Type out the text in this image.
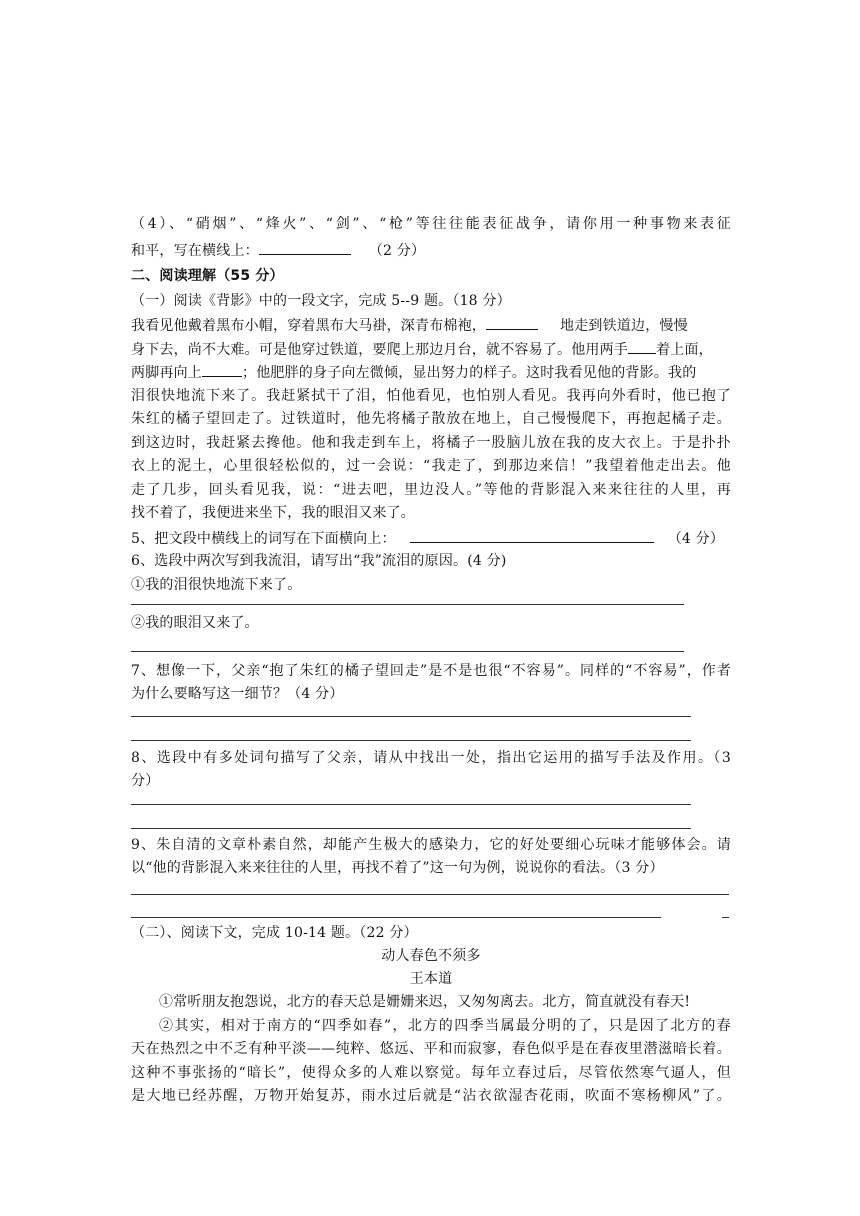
（4）、“硝烟”、“烽火”、“剑”、“枪”等往往能表征战争，请你用一种事物来表征
和平，写在横线上：	（2 分）
二、阅读理解（55 分）
（一）阅读《背影》中的一段文字，完成 5--9 题。（18 分）
我看见他戴着黑布小帽，穿着黑布大马褂，深青布棉袍，	地走到铁道边，慢慢
身下去，尚不大难。可是他穿过铁道，要爬上那边月台，就不容易了。他用两手 着上面，
两脚再向上	；他肥胖的身子向左微倾，显出努力的样子。这时我看见他的背影。我的
泪很快地流下来了。我赶紧拭干了泪，怕他看见，也怕别人看见。我再向外看时，他已抱了
朱红的橘子望回走了。过铁道时，他先将橘子散放在地上，自己慢慢爬下，再抱起橘子走。
到这边时，我赶紧去搀他。他和我走到车上，将橘子一股脑儿放在我的皮大衣上。于是扑扑
衣上的泥土，心里很轻松似的，过一会说：“我走了，到那边来信！”我望着他走出去。他
走了几步，回头看见我，说：“进去吧，里边没人。”等他的背影混入来来往往的人里，再
找不着了，我便进来坐下，我的眼泪又来了。
5、把文段中横线上的词写在下面横向上：	（4 分）
6、选段中两次写到我流泪，请写出“我”流泪的原因。(4 分)
①我的泪很快地流下来了。
②我的眼泪又来了。
7、想像一下，父亲“抱了朱红的橘子望回走”是不是也很“不容易”。同样的“不容易”，作者
为什么要略写这一细节？（4 分）
8、选段中有多处词句描写了父亲，请从中找出一处，指出它运用的描写手法及作用。（3
分）
9、朱自清的文章朴素自然，却能产生极大的感染力，它的好处要细心玩味才能够体会。请
以“他的背影混入来来往往的人里，再找不着了”这一句为例，说说你的看法。（3 分）
（二）、阅读下文，完成 10-14 题。（22 分）
动人春色不须多
王本道
①常听朋友抱怨说，北方的春天总是姗姗来迟，又匆匆离去。北方，简直就没有春天!
②其实，相对于南方的“四季如春”，北方的四季当属最分明的了，只是因了北方的春
天在热烈之中不乏有种平淡——纯粹、悠远、平和而寂寥，春色似乎是在春夜里潜滋暗长着。
这种不事张扬的“暗长”，使得众多的人难以察觉。每年立春过后，尽管依然寒气逼人，但
是大地已经苏醒，万物开始复苏，雨水过后就是“沾衣欲湿杏花雨，吹面不寒杨柳风”了。
